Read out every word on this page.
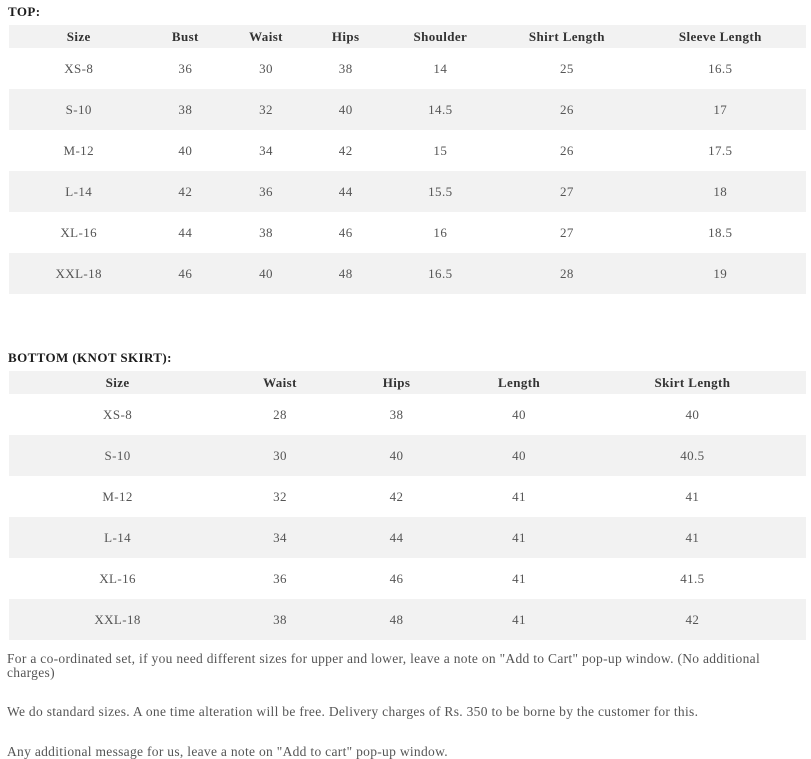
TOP:
Size	Bust	Waist	Hips	Shoulder	Shirt Length	Sleeve Length
XS-8	36	30	38	14	25	16.5
S-10	38	32	40	14.5	26	17
M-12	40	34	42	15	26	17.5
L-14	42	36	44	15.5	27	18
XL-16	44	38	46	16	27	18.5
XXL-18	46	40	48	16.5	28	19
BOTTOM (KNOT SKIRT):
Size	Waist	Hips	Length	Skirt Length
XS-8	28	38	40	40
S-10	30	40	40	40.5
M-12	32	42	41	41
L-14	34	44	41	41
XL-16	36	46	41	41.5
XXL-18	38	48	41	42

For a co-ordinated set, if you need different sizes for upper and lower, leave a note on "Add to Cart" pop-up window. (No additional charges)

We do standard sizes. A one time alteration will be free. Delivery charges of Rs. 350 to be borne by the customer for this.

Any additional message for us, leave a note on "Add to cart" pop-up window.
